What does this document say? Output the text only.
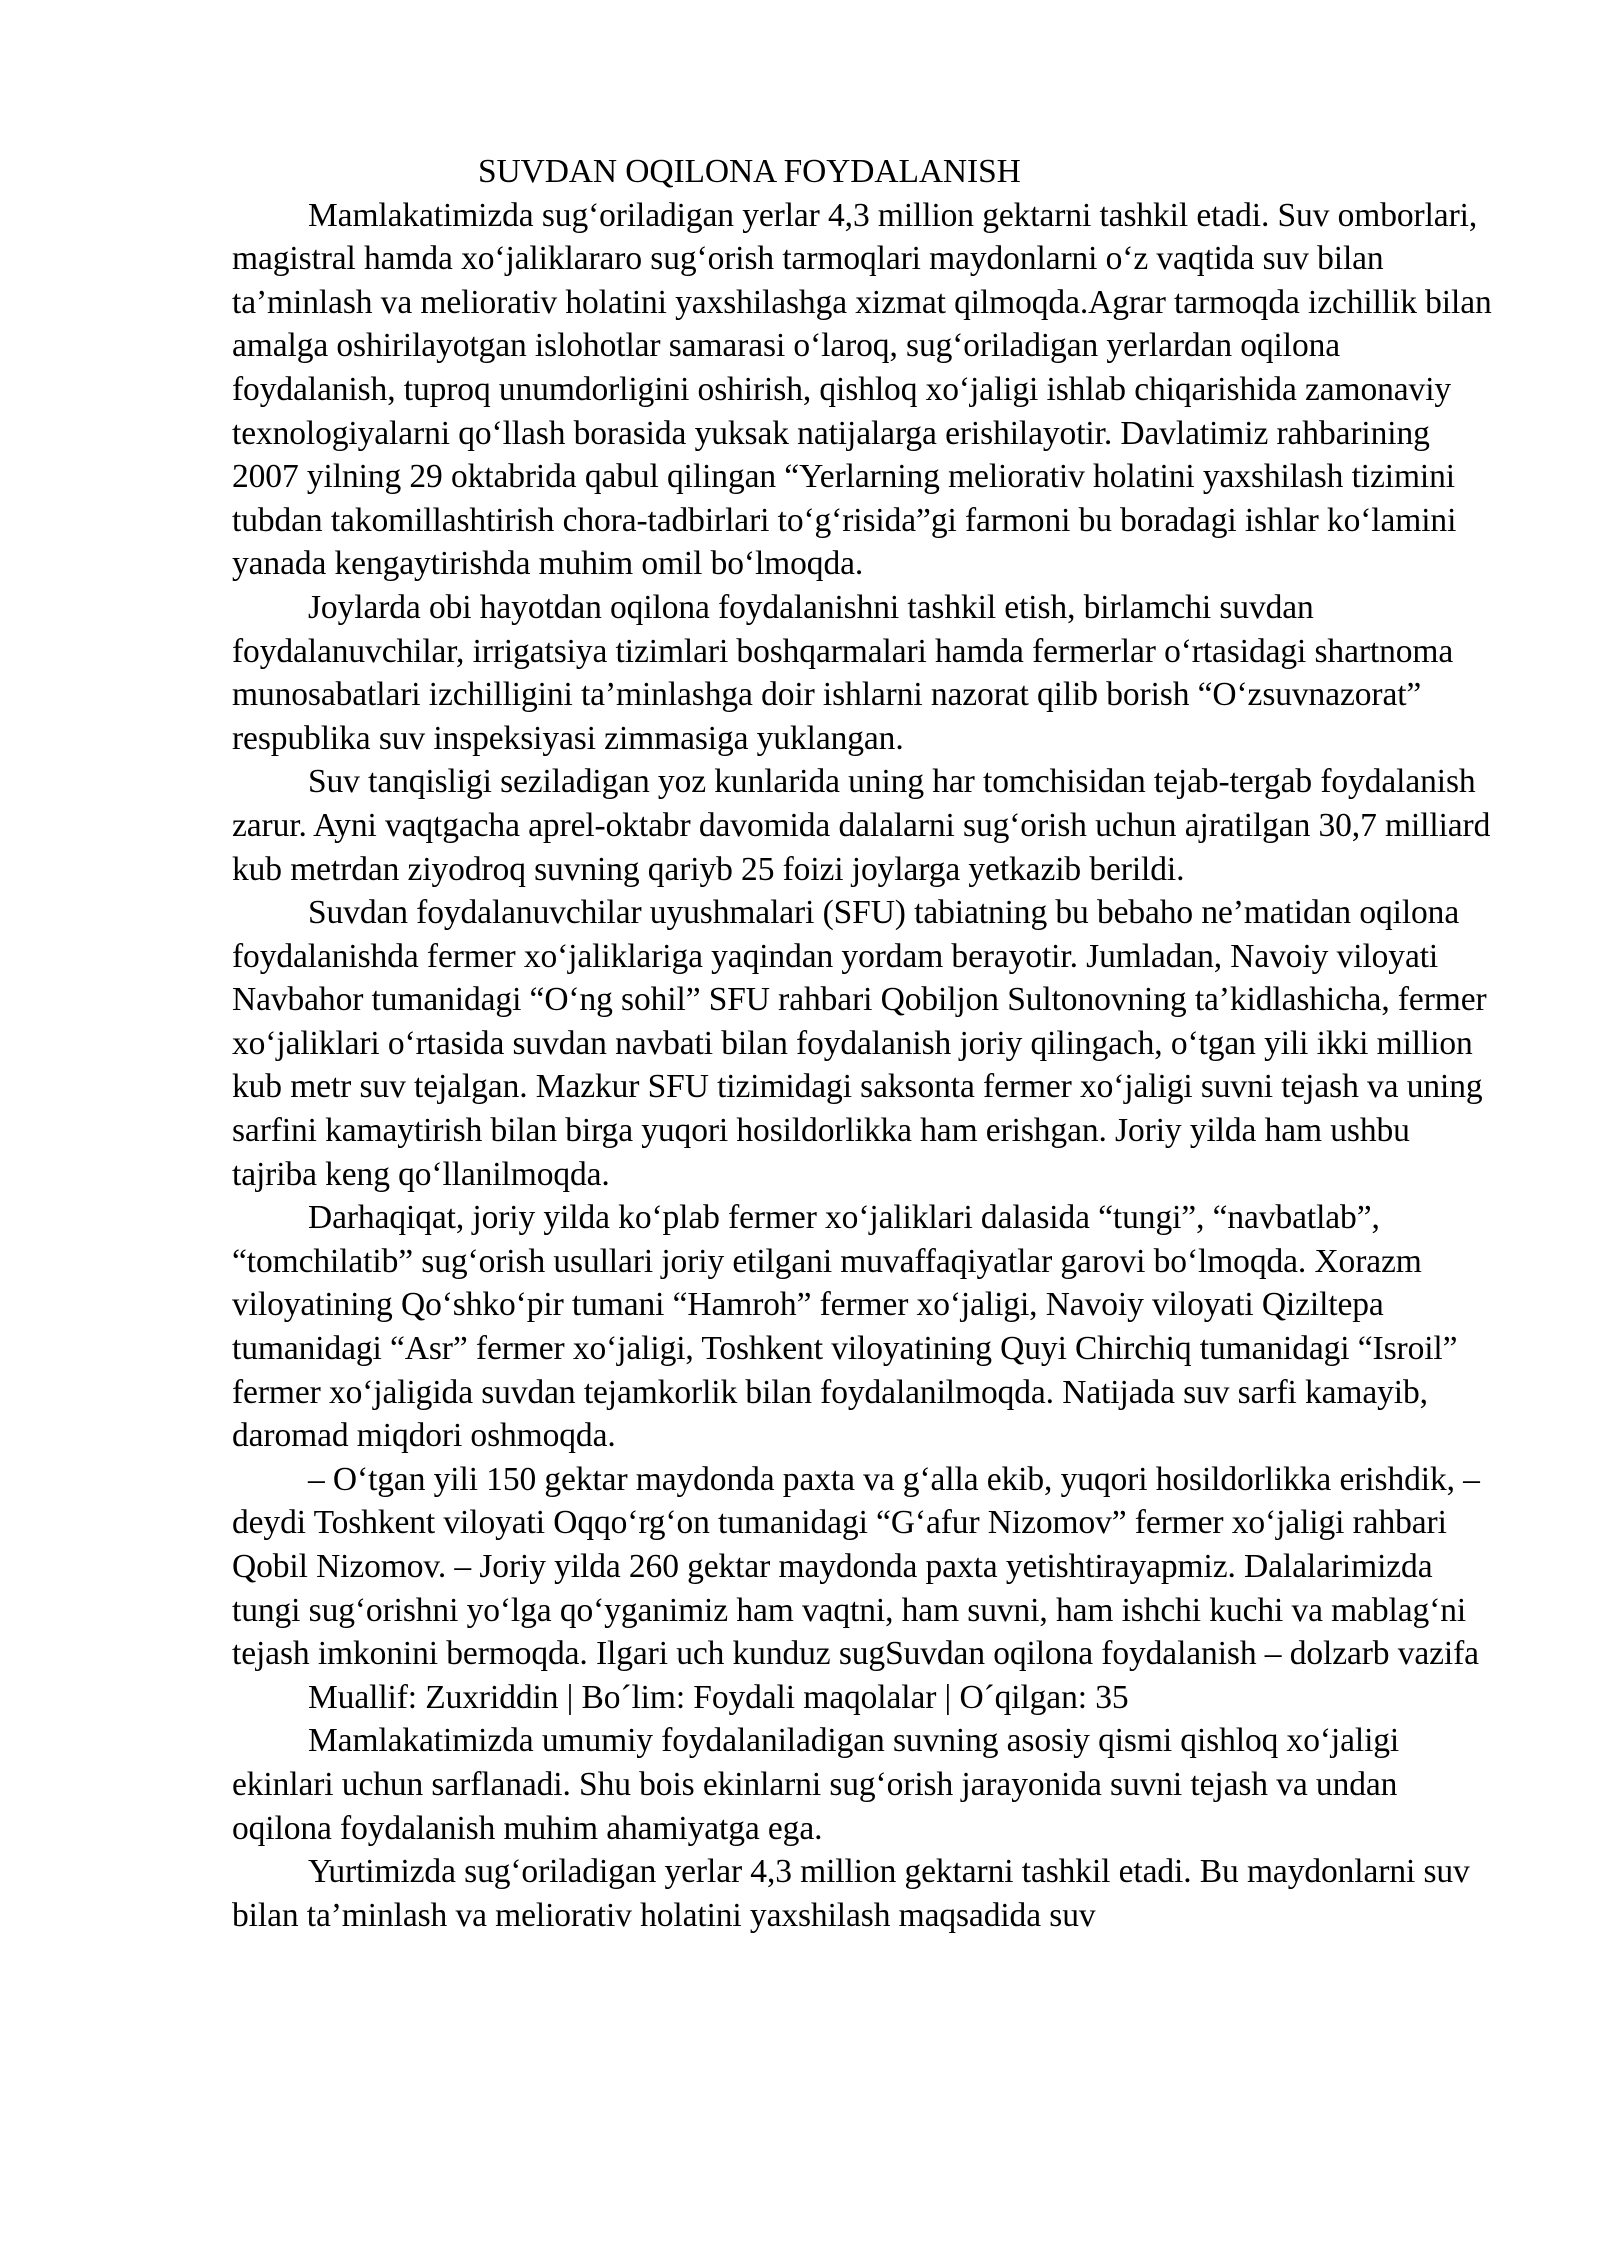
SUVDAN OQILONA FOYDALANISH

Mamlakatimizda sug‘oriladigan yerlar 4,3 million gektarni tashkil etadi. Suv omborlari, magistral hamda xo‘jaliklararo sug‘orish tarmoqlari maydonlarni o‘z vaqtida suv bilan ta’minlash va meliorativ holatini yaxshilashga xizmat qilmoqda.Agrar tarmoqda izchillik bilan amalga oshirilayotgan islohotlar samarasi o‘laroq, sug‘oriladigan yerlardan oqilona foydalanish, tuproq unumdorligini oshirish, qishloq xo‘jaligi ishlab chiqarishida zamonaviy texnologiyalarni qo‘llash borasida yuksak natijalarga erishilayotir. Davlatimiz rahbarining 2007 yilning 29 oktabrida qabul qilingan “Yerlarning meliorativ holatini yaxshilash tizimini tubdan takomillashtirish chora-tadbirlari to‘g‘risida”gi farmoni bu boradagi ishlar ko‘lamini yanada kengaytirishda muhim omil bo‘lmoqda.

Joylarda obi hayotdan oqilona foydalanishni tashkil etish, birlamchi suvdan foydalanuvchilar, irrigatsiya tizimlari boshqarmalari hamda fermerlar o‘rtasidagi shartnoma munosabatlari izchilligini ta’minlashga doir ishlarni nazorat qilib borish “O‘zsuvnazorat” respublika suv inspeksiyasi zimmasiga yuklangan.

Suv tanqisligi seziladigan yoz kunlarida uning har tomchisidan tejab-tergab foydalanish zarur. Ayni vaqtgacha aprel-oktabr davomida dalalarni sug‘orish uchun ajratilgan 30,7 milliard kub metrdan ziyodroq suvning qariyb 25 foizi joylarga yetkazib berildi.

Suvdan foydalanuvchilar uyushmalari (SFU) tabiatning bu bebaho ne’matidan oqilona foydalanishda fermer xo‘jaliklariga yaqindan yordam berayotir. Jumladan, Navoiy viloyati Navbahor tumanidagi “O‘ng sohil” SFU rahbari Qobiljon Sultonovning ta’kidlashicha, fermer xo‘jaliklari o‘rtasida suvdan navbati bilan foydalanish joriy qilingach, o‘tgan yili ikki million kub metr suv tejalgan. Mazkur SFU tizimidagi saksonta fermer xo‘jaligi suvni tejash va uning sarfini kamaytirish bilan birga yuqori hosildorlikka ham erishgan. Joriy yilda ham ushbu tajriba keng qo‘llanilmoqda.

Darhaqiqat, joriy yilda ko‘plab fermer xo‘jaliklari dalasida “tungi”, “navbatlab”, “tomchilatib” sug‘orish usullari joriy etilgani muvaffaqiyatlar garovi bo‘lmoqda. Xorazm viloyatining Qo‘shko‘pir tumani “Hamroh” fermer xo‘jaligi, Navoiy viloyati Qiziltepa tumanidagi “Asr” fermer xo‘jaligi, Toshkent viloyatining Quyi Chirchiq tumanidagi “Isroil” fermer xo‘jaligida suvdan tejamkorlik bilan foydalanilmoqda. Natijada suv sarfi kamayib, daromad miqdori oshmoqda.

– O‘tgan yili 150 gektar maydonda paxta va g‘alla ekib, yuqori hosildorlikka erishdik, – deydi Toshkent viloyati Oqqo‘rg‘on tumanidagi “G‘afur Nizomov” fermer xo‘jaligi rahbari Qobil Nizomov. – Joriy yilda 260 gektar maydonda paxta yetishtirayapmiz. Dalalarimizda tungi sug‘orishni yo‘lga qo‘yganimiz ham vaqtni, ham suvni, ham ishchi kuchi va mablag‘ni tejash imkonini bermoqda. Ilgari uch kunduz sugSuvdan oqilona foydalanish – dolzarb vazifa

Muallif: Zuxriddin | Bo´lim: Foydali maqolalar | O´qilgan: 35

Mamlakatimizda umumiy foydalaniladigan suvning asosiy qismi qishloq xo‘jaligi ekinlari uchun sarflanadi. Shu bois ekinlarni sug‘orish jarayonida suvni tejash va undan oqilona foydalanish muhim ahamiyatga ega.

Yurtimizda sug‘oriladigan yerlar 4,3 million gektarni tashkil etadi. Bu maydonlarni suv bilan ta’minlash va meliorativ holatini yaxshilash maqsadida suv
